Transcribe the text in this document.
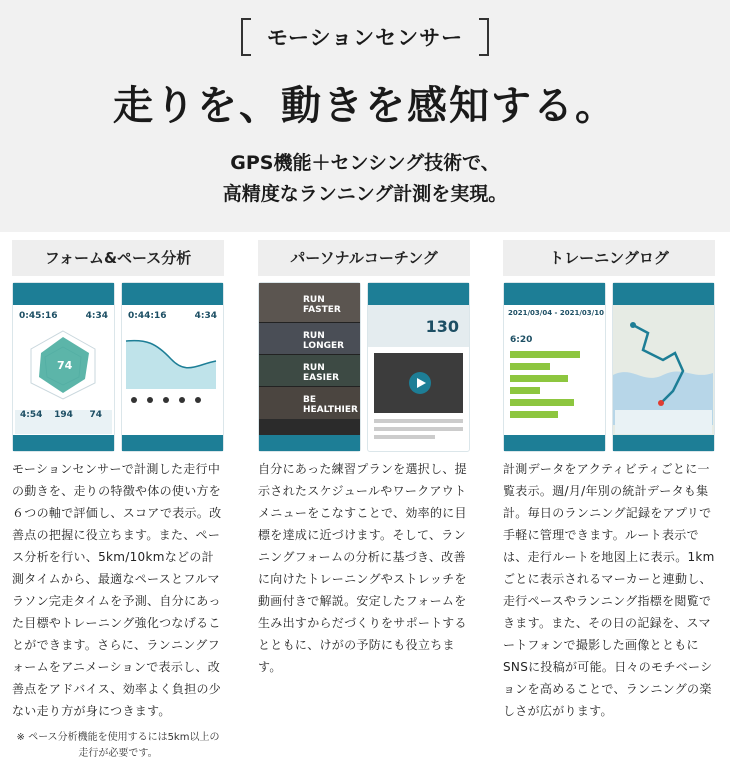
モーションセンサー
走りを、動きを感知する。
GPS機能＋センシング技術で、
高精度なランニング計測を実現。
フォーム&ペース分析
0:45:16	4:34
74
4:54	194	74
0:44:16	4:34
モーションセンサーで計測した走行中の動きを、走りの特徴や体の使い方を６つの軸で評価し、スコアで表示。改善点の把握に役立ちます。また、ペース分析を行い、5km/10kmなどの計測タイムから、最適なペースとフルマラソン完走タイムを予測、自分にあった目標やトレーニング強化つなげることができます。さらに、ランニングフォームをアニメーションで表示し、改善点をアドバイス、効率よく負担の少ない走り方が身につきます。
※ ペース分析機能を使用するには5km以上の走行が必要です。
パーソナルコーチング
RUN FASTER
RUN LONGER
RUN EASIER
BE HEALTHIER
130
自分にあった練習プランを選択し、提示されたスケジュールやワークアウトメニューをこなすことで、効率的に目標を達成に近づけます。そして、ランニングフォームの分析に基づき、改善に向けたトレーニングやストレッチを動画付きで解説。安定したフォームを生み出すからだづくりをサポートするとともに、けがの予防にも役立ちます。
トレーニングログ
2021/03/04 - 2021/03/10
6:20
計測データをアクティビティごとに一覧表示。週/月/年別の統計データも集計。毎日のランニング記録をアプリで手軽に管理できます。ルート表示では、走行ルートを地図上に表示。1kmごとに表示されるマーカーと連動し、走行ペースやランニング指標を閲覧できます。また、その日の記録を、スマートフォンで撮影した画像とともにSNSに投稿が可能。日々のモチベーションを高めることで、ランニングの楽しさが広がります。
